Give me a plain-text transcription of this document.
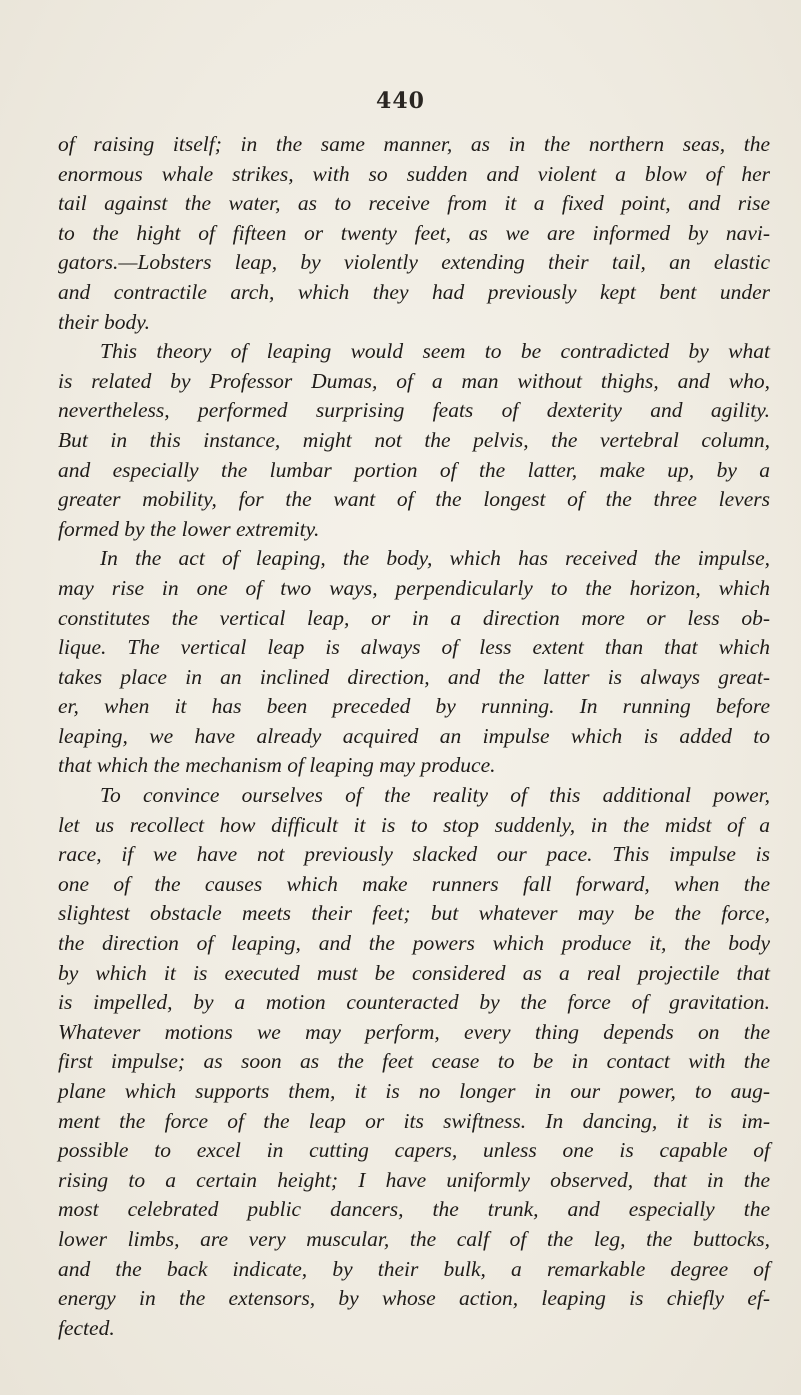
440

of raising itself; in the same manner, as in the northern seas, the
enormous whale strikes, with so sudden and violent a blow of her
tail against the water, as to receive from it a fixed point, and rise
to the hight of fifteen or twenty feet, as we are informed by navi-
gators.—Lobsters leap, by violently extending their tail, an elastic
and contractile arch, which they had previously kept bent under
their body.

This theory of leaping would seem to be contradicted by what
is related by Professor Dumas, of a man without thighs, and who,
nevertheless, performed surprising feats of dexterity and agility.
But in this instance, might not the pelvis, the vertebral column,
and especially the lumbar portion of the latter, make up, by a
greater mobility, for the want of the longest of the three levers
formed by the lower extremity.

In the act of leaping, the body, which has received the impulse,
may rise in one of two ways, perpendicularly to the horizon, which
constitutes the vertical leap, or in a direction more or less ob-
lique. The vertical leap is always of less extent than that which
takes place in an inclined direction, and the latter is always great-
er, when it has been preceded by running. In running before
leaping, we have already acquired an impulse which is added to
that which the mechanism of leaping may produce.

To convince ourselves of the reality of this additional power,
let us recollect how difficult it is to stop suddenly, in the midst of a
race, if we have not previously slacked our pace. This impulse is
one of the causes which make runners fall forward, when the
slightest obstacle meets their feet; but whatever may be the force,
the direction of leaping, and the powers which produce it, the body
by which it is executed must be considered as a real projectile that
is impelled, by a motion counteracted by the force of gravitation.
Whatever motions we may perform, every thing depends on the
first impulse; as soon as the feet cease to be in contact with the
plane which supports them, it is no longer in our power, to aug-
ment the force of the leap or its swiftness. In dancing, it is im-
possible to excel in cutting capers, unless one is capable of
rising to a certain height; I have uniformly observed, that in the
most celebrated public dancers, the trunk, and especially the
lower limbs, are very muscular, the calf of the leg, the buttocks,
and the back indicate, by their bulk, a remarkable degree of
energy in the extensors, by whose action, leaping is chiefly ef-
fected.
